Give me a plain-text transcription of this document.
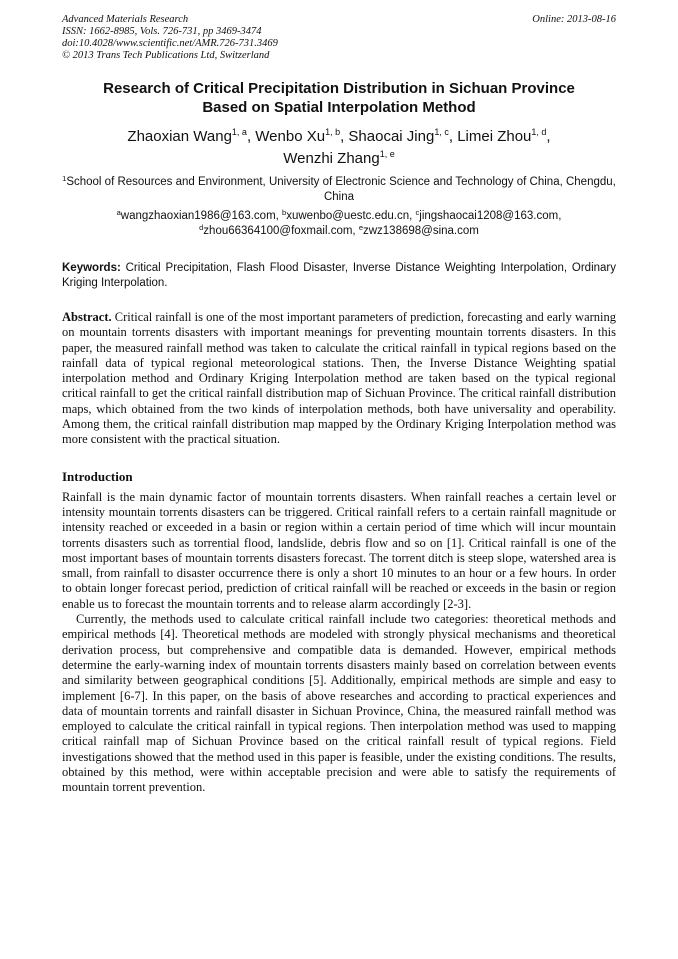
Advanced Materials Research	Online: 2013-08-16
ISSN: 1662-8985, Vols. 726-731, pp 3469-3474
doi:10.4028/www.scientific.net/AMR.726-731.3469
© 2013 Trans Tech Publications Ltd, Switzerland
Research of Critical Precipitation Distribution in Sichuan Province
Based on Spatial Interpolation Method
Zhaoxian Wang$^{1, a}$, Wenbo Xu$^{1, b}$, Shaocai Jing$^{1, c}$, Limei Zhou$^{1, d}$,
Wenzhi Zhang$^{1, e}$
$^1$School of Resources and Environment, University of Electronic Science and Technology of China, Chengdu, China
$^a$wangzhaoxian1986@163.com, $^b$xuwenbo@uestc.edu.cn, $^c$jingshaocai1208@163.com,
$^d$zhou66364100@foxmail.com, $^e$zwz138698@sina.com
Keywords: Critical Precipitation, Flash Flood Disaster, Inverse Distance Weighting Interpolation, Ordinary Kriging Interpolation.
Abstract. Critical rainfall is one of the most important parameters of prediction, forecasting and early warning on mountain torrents disasters with important meanings for preventing mountain torrents disasters. In this paper, the measured rainfall method was taken to calculate the critical rainfall in typical regions based on the rainfall data of typical regional meteorological stations. Then, the Inverse Distance Weighting spatial interpolation method and Ordinary Kriging Interpolation method are taken based on the typical regional critical rainfall to get the critical rainfall distribution map of Sichuan Province. The critical rainfall distribution maps, which obtained from the two kinds of interpolation methods, both have universality and operability. Among them, the critical rainfall distribution map mapped by the Ordinary Kriging Interpolation method was more consistent with the practical situation.
Introduction
Rainfall is the main dynamic factor of mountain torrents disasters. When rainfall reaches a certain level or intensity mountain torrents disasters can be triggered. Critical rainfall refers to a certain rainfall magnitude or intensity reached or exceeded in a basin or region within a certain period of time which will incur mountain torrents disasters such as torrential flood, landslide, debris flow and so on [1]. Critical rainfall is one of the most important bases of mountain torrents disasters forecast. The torrent ditch is steep slope, watershed area is small, from rainfall to disaster occurrence there is only a short 10 minutes to an hour or a few hours. In order to obtain longer forecast period, prediction of critical rainfall will be reached or exceeds in the basin or region enable us to forecast the mountain torrents and to release alarm accordingly [2-3].
Currently, the methods used to calculate critical rainfall include two categories: theoretical methods and empirical methods [4]. Theoretical methods are modeled with strongly physical mechanisms and theoretical derivation process, but comprehensive and compatible data is demanded. However, empirical methods determine the early-warning index of mountain torrents disasters mainly based on correlation between events and similarity between geographical conditions [5]. Additionally, empirical methods are simple and easy to implement [6-7]. In this paper, on the basis of above researches and according to practical experiences and data of mountain torrents and rainfall disaster in Sichuan Province, China, the measured rainfall method was employed to calculate the critical rainfall in typical regions. Then interpolation method was used to mapping critical rainfall map of Sichuan Province based on the critical rainfall result of typical regions. Field investigations showed that the method used in this paper is feasible, under the existing conditions. The results, obtained by this method, were within acceptable precision and were able to satisfy the requirements of mountain torrent prevention.
